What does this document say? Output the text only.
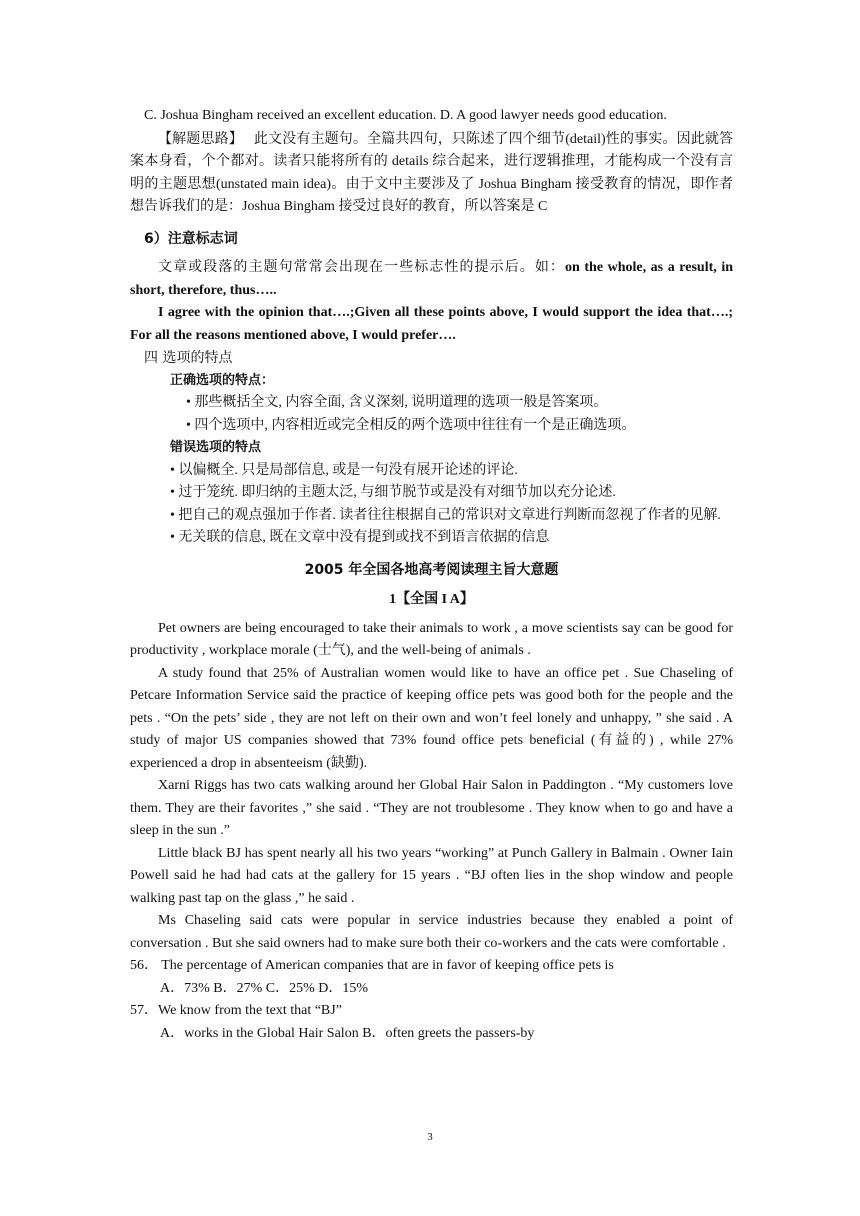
C. Joshua Bingham received an excellent education. D. A good lawyer needs good education.

【解题思路】 此文没有主题句。全篇共四句，只陈述了四个细节(detail)性的事实。因此就答案本身看，个个都对。读者只能将所有的 details 综合起来，进行逻辑推理，才能构成一个没有言明的主题思想(unstated main idea)。由于文中主要涉及了 Joshua Bingham 接受教育的情况，即作者想告诉我们的是：Joshua Bingham 接受过良好的教育，所以答案是 C

6）注意标志词

文章或段落的主题句常常会出现在一些标志性的提示后。如：on the whole, as a result, in short, therefore, thus…..

I agree with the opinion that….;Given all these points above, I would support the idea that….; For all the reasons mentioned above, I would prefer….

四 选项的特点

正确选项的特点：

• 那些概括全文, 内容全面, 含义深刻, 说明道理的选项一般是答案项。

• 四个选项中, 内容相近或完全相反的两个选项中往往有一个是正确选项。

错误选项的特点

• 以偏概全. 只是局部信息, 或是一句没有展开论述的评论.

• 过于笼统. 即归纳的主题太泛, 与细节脱节或是没有对细节加以充分论述.

• 把自己的观点强加于作者. 读者往往根据自己的常识对文章进行判断而忽视了作者的见解.

• 无关联的信息, 既在文章中没有提到或找不到语言依据的信息

2005 年全国各地高考阅读理主旨大意题

1【全国 I A】

Pet owners are being encouraged to take their animals to work , a move scientists say can be good for productivity , workplace morale (士气), and the well-being of animals .

A study found that 25% of Australian women would like to have an office pet . Sue Chaseling of Petcare Information Service said the practice of keeping office pets was good both for the people and the pets . “On the pets’ side , they are not left on their own and won’t feel lonely and unhappy, ” she said . A study of major US companies showed that 73% found office pets beneficial (有益的) , while 27% experienced a drop in absenteeism (缺勤).

Xarni Riggs has two cats walking around her Global Hair Salon in Paddington . “My customers love them. They are their favorites ,” she said . “They are not troublesome . They know when to go and have a sleep in the sun .”

Little black BJ has spent nearly all his two years “working” at Punch Gallery in Balmain . Owner Iain Powell said he had had cats at the gallery for 15 years . “BJ often lies in the shop window and people walking past tap on the glass ,” he said .

Ms Chaseling said cats were popular in service industries because they enabled a point of conversation . But she said owners had to make sure both their co-workers and the cats were comfortable .

56． The percentage of American companies that are in favor of keeping office pets is

A．73% B．27% C．25% D．15%

57．We know from the text that “BJ”

A．works in the Global Hair Salon B．often greets the passers-by

3
